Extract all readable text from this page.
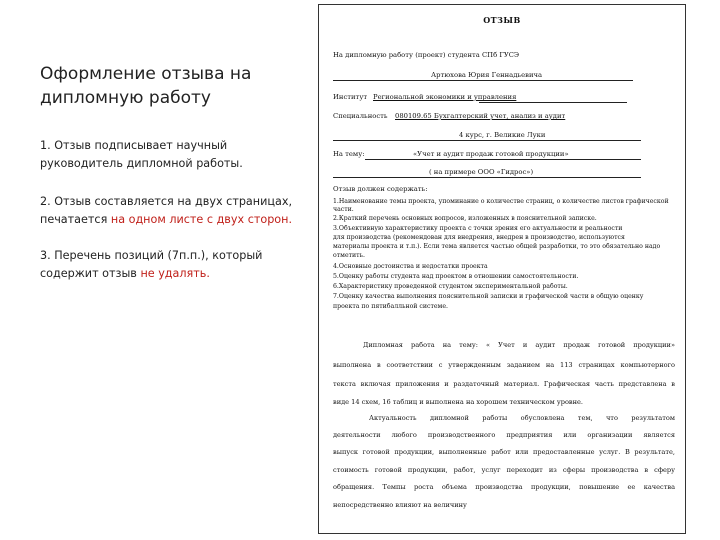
Оформление отзыва на дипломную работу
1. Отзыв подписывает научный руководитель дипломной работы.
2. Отзыв составляется на двух страницах, печатается на одном листе с двух сторон.
3. Перечень позиций (7п.п.), который содержит отзыв не удалять.
ОТЗЫВ
На дипломную работу (проект) студента СПб ГУСЭ
Артюхова Юрия Геннадьевича
Институт Региональной экономики и управления
Специальность 080109.65 Бухгалтерский учет, анализ и аудит
4 курс, г. Великие Луки
На тему:	«Учет и аудит продаж готовой продукции»
( на примере ООО «Гидрос»)
Отзыв должен содержать:
1.Наименование темы проекта, упоминание о количестве страниц, о количестве листов графической
части.
2.Краткий перечень основных вопросов, изложенных в пояснительной записке.
3.Объективную характеристику проекта с точки зрения его актуальности и реальности
для производства (рекомендован для внедрения, внедрен в производство, используются
материалы проекта и т.п.). Если тема является частью общей разработки, то это обязательно надо
отметить.
4.Основные достоинства и недостатки проекта
5.Оценку работы студента над проектом в отношении самостоятельности.
6.Характеристику проведенной студентом экспериментальной работы.
7.Оценку качества выполнения пояснительной записки и графической части в общую оценку
проекта по пятибалльной системе.
Дипломная работа на тему: « Учет и аудит продаж готовой продукции»
выполнена в соответствии с утвержденным заданием на 113 страницах компьютерного
текста включая приложения и раздаточный материал. Графическая часть представлена в
виде 14 схем, 16 таблиц и выполнена на хорошем техническом уровне.
Актуальность дипломной работы обусловлена тем, что результатом
деятельности любого производственного предприятия или организации является
выпуск готовой продукции, выполненные работ или предоставленные услуг. В результате,
стоимость готовой продукции, работ, услуг переходит из сферы производства в сферу
обращения. Темпы роста объема производства продукции, повышение ее качества
непосредственно влияют на величину
